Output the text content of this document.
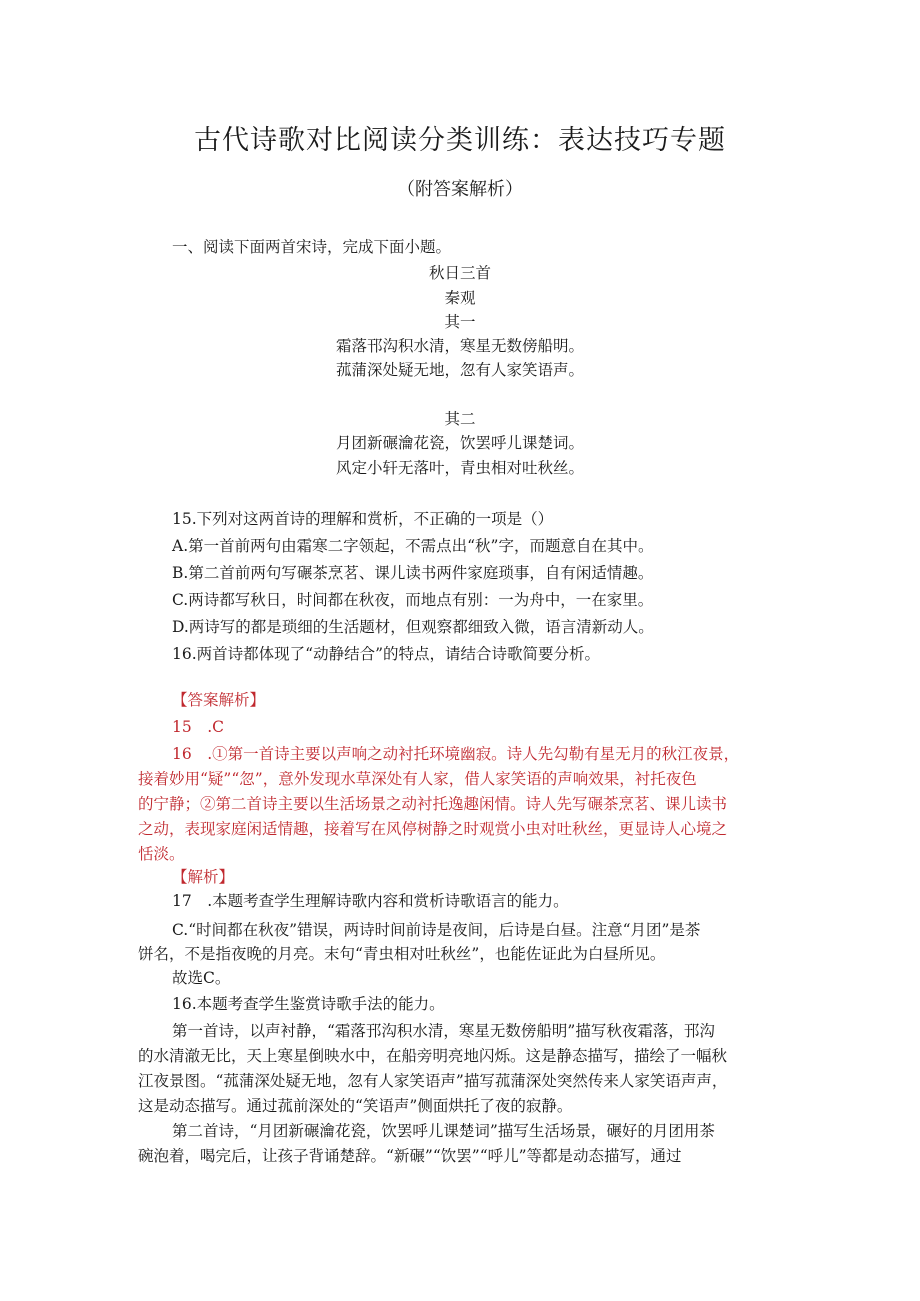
古代诗歌对比阅读分类训练：表达技巧专题
（附答案解析）
一、阅读下面两首宋诗，完成下面小题。
秋日三首
秦观
其一
霜落邗沟积水清，寒星无数傍船明。
菰蒲深处疑无地，忽有人家笑语声。
其二
月团新碾瀹花瓷，饮罢呼儿课楚词。
风定小轩无落叶，青虫相对吐秋丝。
15.下列对这两首诗的理解和赏析，不正确的一项是（）
A.第一首前两句由霜寒二字领起，不需点出“秋”字，而题意自在其中。
B.第二首前两句写碾茶烹茗、课儿读书两件家庭琐事，自有闲适情趣。
C.两诗都写秋日，时间都在秋夜，而地点有别：一为舟中，一在家里。
D.两诗写的都是琐细的生活题材，但观察都细致入微，语言清新动人。
16.两首诗都体现了“动静结合”的特点，请结合诗歌简要分析。
【答案解析】
15　.C
16　.①第一首诗主要以声响之动衬托环境幽寂。诗人先勾勒有星无月的秋江夜景，
接着妙用“疑”“忽”，意外发现水草深处有人家，借人家笑语的声响效果，衬托夜色
的宁静；②第二首诗主要以生活场景之动衬托逸趣闲情。诗人先写碾茶烹茗、课儿读书
之动，表现家庭闲适情趣，接着写在风停树静之时观赏小虫对吐秋丝，更显诗人心境之
恬淡。
【解析】
17　.本题考查学生理解诗歌内容和赏析诗歌语言的能力。
C.“时间都在秋夜”错误，两诗时间前诗是夜间，后诗是白昼。注意“月团”是茶
饼名，不是指夜晚的月亮。末句“青虫相对吐秋丝”，也能佐证此为白昼所见。
故选C。
16.本题考查学生鉴赏诗歌手法的能力。
第一首诗，以声衬静，“霜落邘沟积水清，寒星无数傍船明”描写秋夜霜落，邘沟
的水清澈无比，天上寒星倒映水中，在船旁明亮地闪烁。这是静态描写，描绘了一幅秋
江夜景图。“菰蒲深处疑无地，忽有人家笑语声”描写菰蒲深处突然传来人家笑语声声，
这是动态描写。通过菰前深处的“笑语声”侧面烘托了夜的寂静。
第二首诗，“月团新碾瀹花瓷，饮罢呼儿课楚词”描写生活场景，碾好的月团用茶
碗泡着，喝完后，让孩子背诵楚辞。“新碾”“饮罢”“呼儿”等都是动态描写，通过
